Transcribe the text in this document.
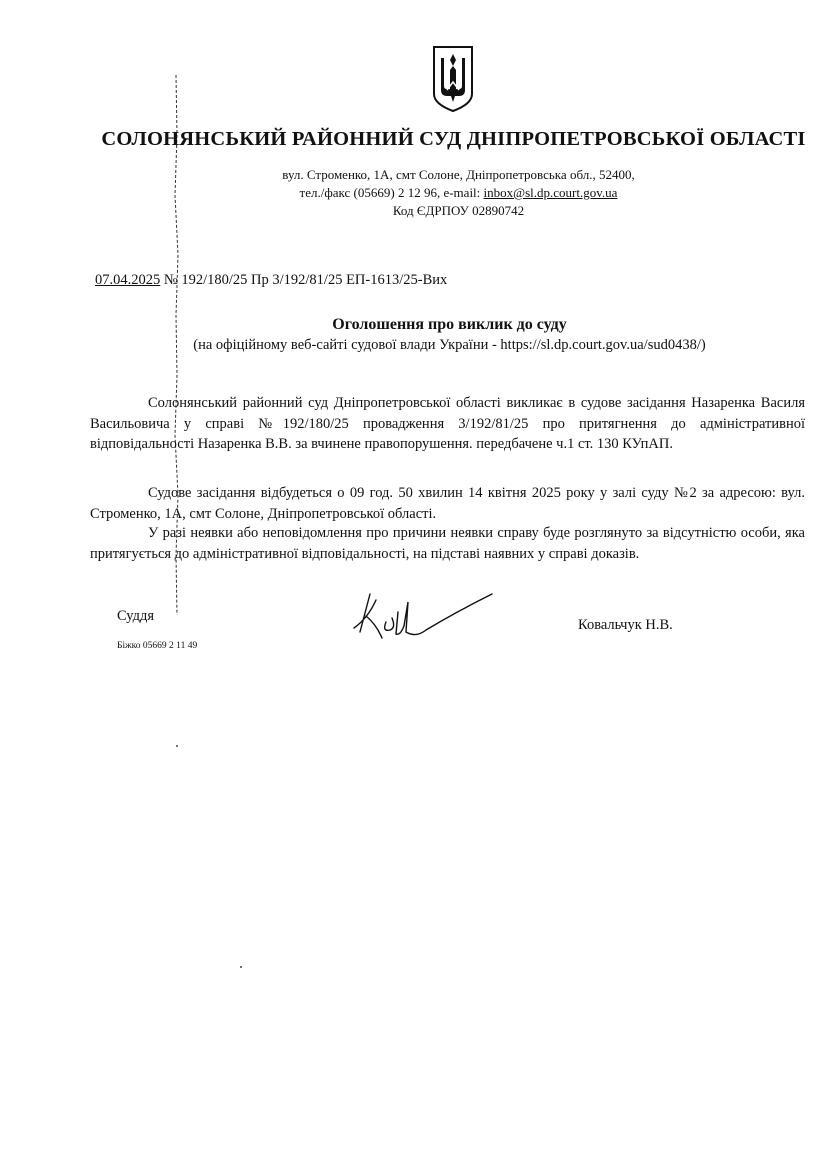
СОЛОНЯНСЬКИЙ РАЙОННИЙ СУД ДНІПРОПЕТРОВСЬКОЇ ОБЛАСТІ
вул. Строменко, 1А, смт Солоне, Дніпропетровська обл., 52400,
тел./факс (05669) 2 12 96, e-mail: inbox@sl.dp.court.gov.ua
Код ЄДРПОУ 02890742
07.04.2025 № 192/180/25 Пр 3/192/81/25 ЕП-1613/25-Вих
Оголошення про виклик до суду
(на офіційному веб-сайті судової влади України - https://sl.dp.court.gov.ua/sud0438/)

Солонянський районний суд Дніпропетровської області викликає в судове засідання Назаренка Василя Васильовича у справі №192/180/25 провадження 3/192/81/25 про притягнення до адміністративної відповідальності Назаренка В.В. за вчинене правопорушення. передбачене ч.1 ст. 130 КУпАП.

Судове засідання відбудеться о 09 год. 50 хвилин 14 квітня 2025 року у залі суду №2 за адресою: вул. Строменко, 1А, смт Солоне, Дніпропетровської області.

У разі неявки або неповідомлення про причини неявки справу буде розглянуто за відсутністю особи, яка притягується до адміністративної відповідальності, на підставі наявних у справі доказів.

Суддя
Ковальчук Н.В.
Біжко 05669 2 11 49
